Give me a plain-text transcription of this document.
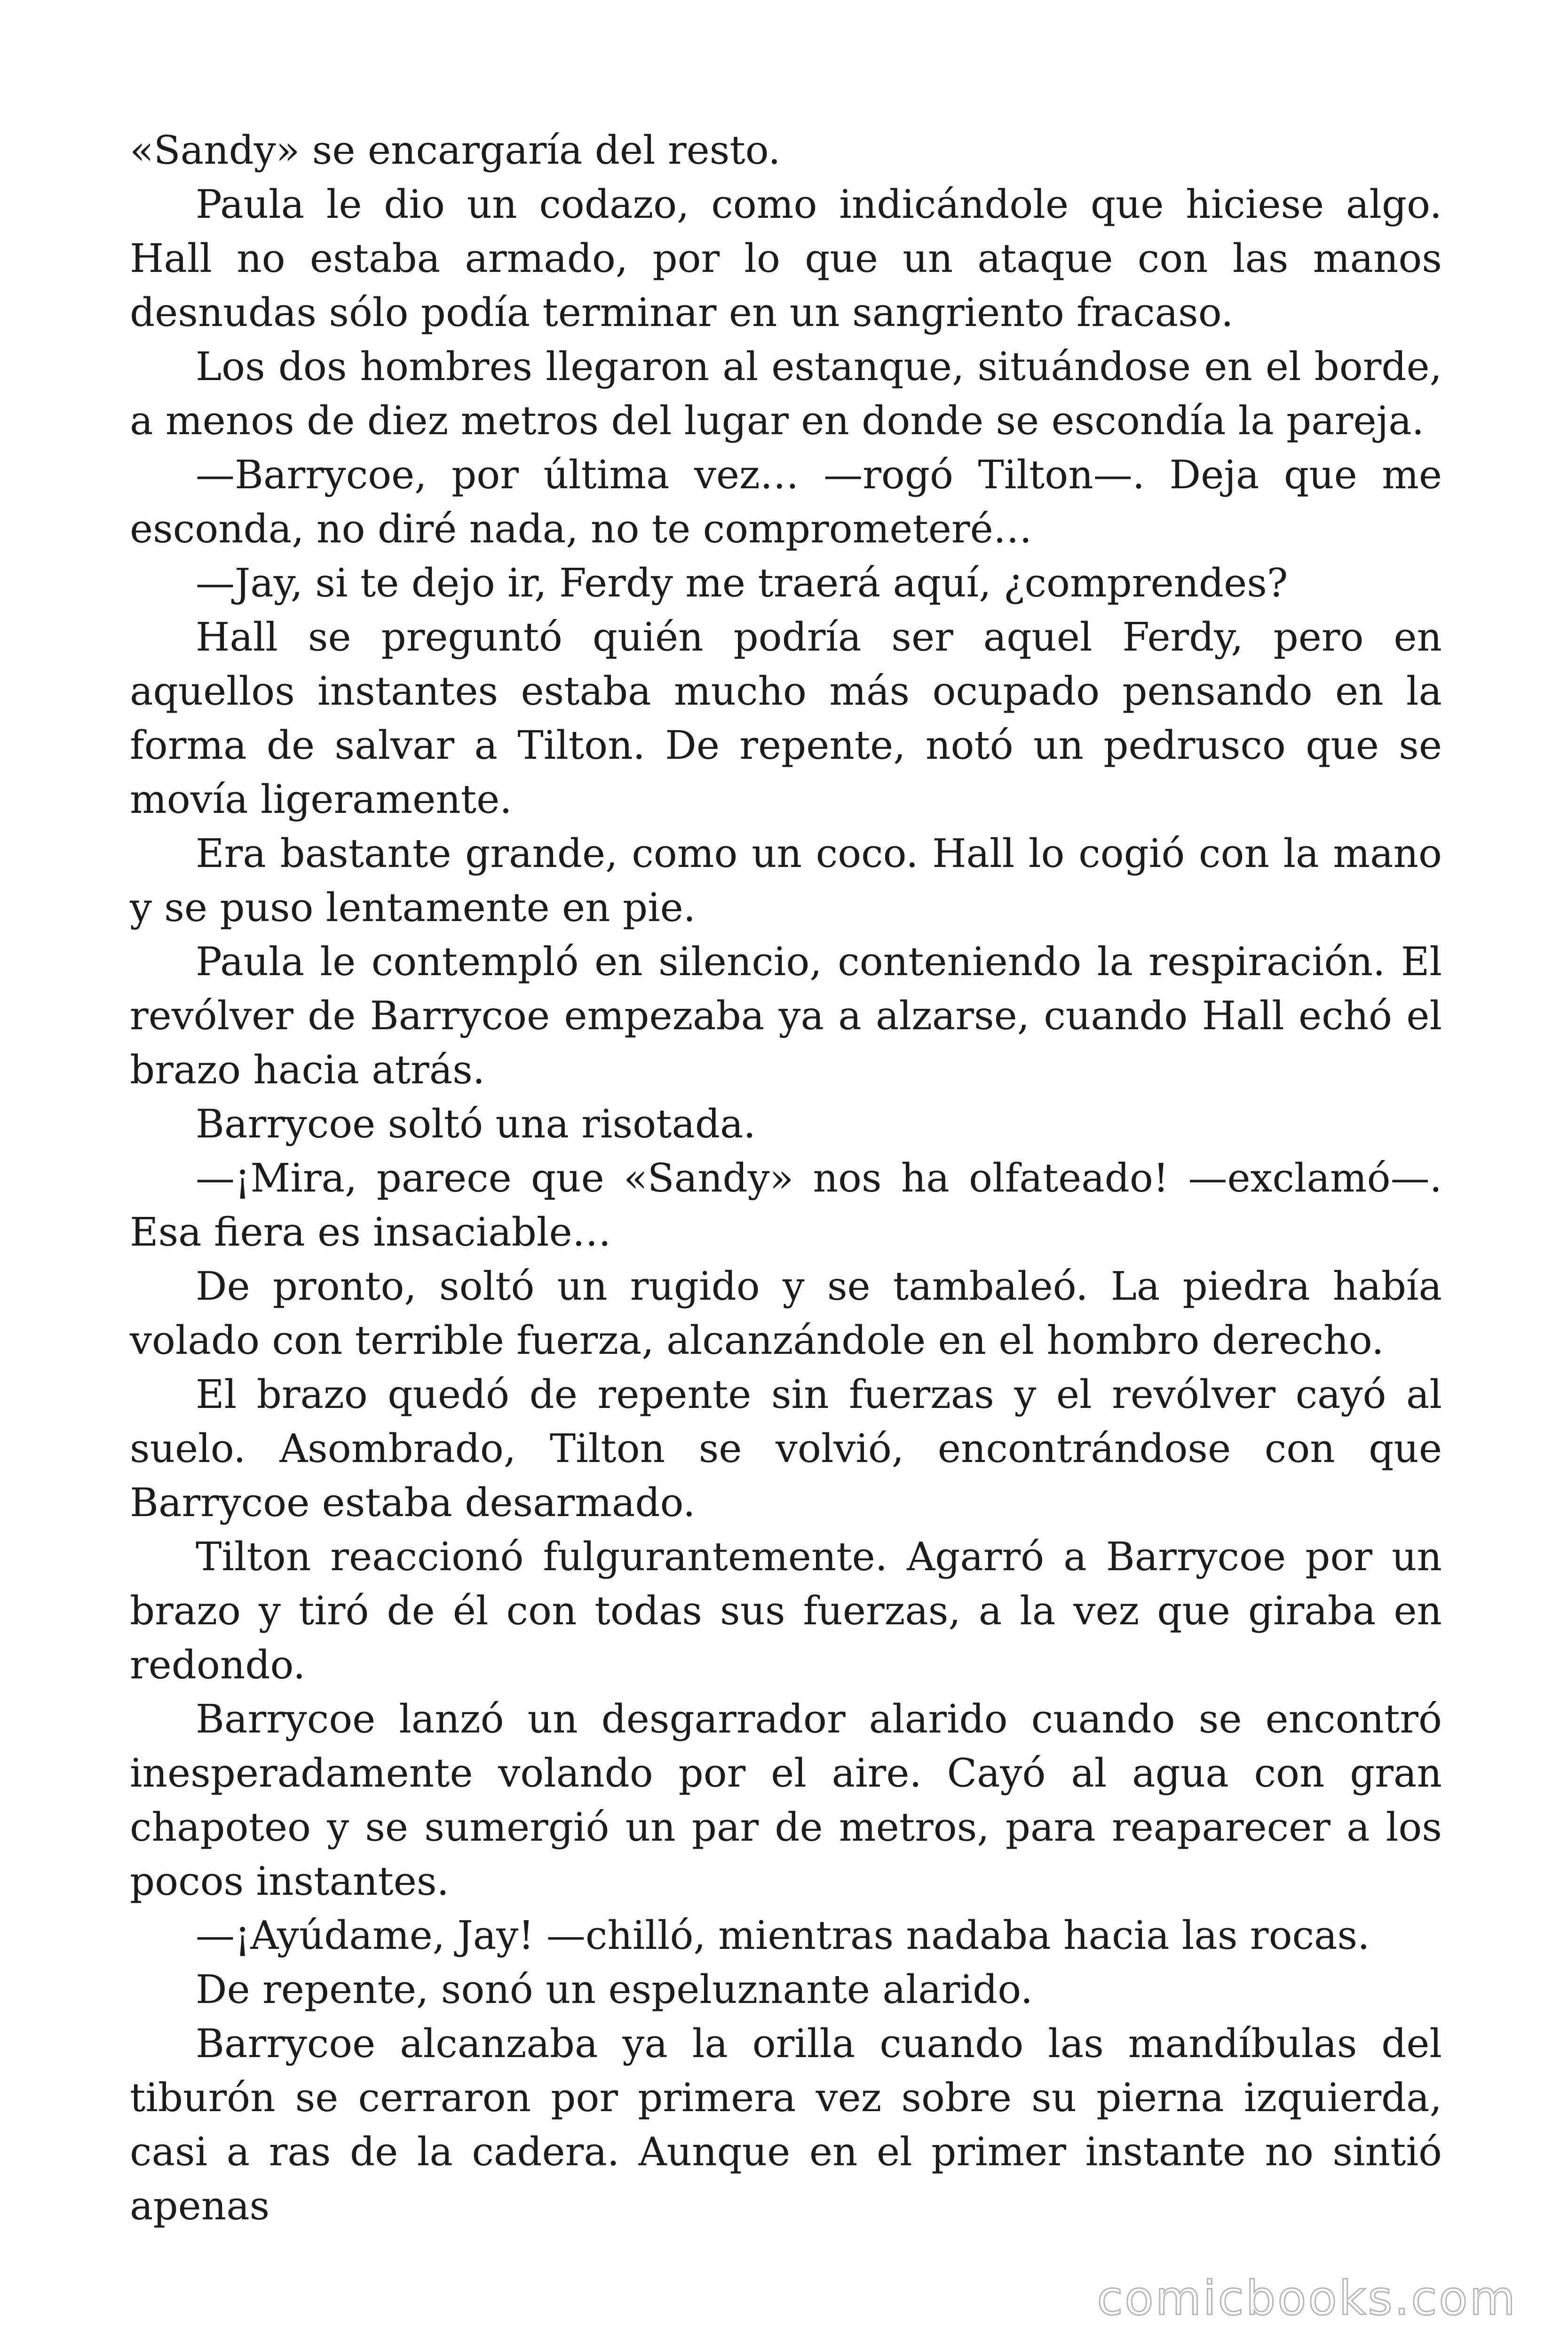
«Sandy» se encargaría del resto.

Paula le dio un codazo, como indicándole que hiciese algo. Hall no estaba armado, por lo que un ataque con las manos desnudas sólo podía terminar en un sangriento fracaso.

Los dos hombres llegaron al estanque, situándose en el borde, a menos de diez metros del lugar en donde se escondía la pareja.

—Barrycoe, por última vez… —rogó Tilton—. Deja que me esconda, no diré nada, no te comprometeré…

—Jay, si te dejo ir, Ferdy me traerá aquí, ¿comprendes?

Hall se preguntó quién podría ser aquel Ferdy, pero en aquellos instantes estaba mucho más ocupado pensando en la forma de salvar a Tilton. De repente, notó un pedrusco que se movía ligeramente.

Era bastante grande, como un coco. Hall lo cogió con la mano y se puso lentamente en pie.

Paula le contempló en silencio, conteniendo la respiración. El revólver de Barrycoe empezaba ya a alzarse, cuando Hall echó el brazo hacia atrás.

Barrycoe soltó una risotada.

—¡Mira, parece que «Sandy» nos ha olfateado! —exclamó—. Esa fiera es insaciable…

De pronto, soltó un rugido y se tambaleó. La piedra había volado con terrible fuerza, alcanzándole en el hombro derecho.

El brazo quedó de repente sin fuerzas y el revólver cayó al suelo. Asombrado, Tilton se volvió, encontrándose con que Barrycoe estaba desarmado.

Tilton reaccionó fulgurantemente. Agarró a Barrycoe por un brazo y tiró de él con todas sus fuerzas, a la vez que giraba en redondo.

Barrycoe lanzó un desgarrador alarido cuando se encontró inesperadamente volando por el aire. Cayó al agua con gran chapoteo y se sumergió un par de metros, para reaparecer a los pocos instantes.

—¡Ayúdame, Jay! —chilló, mientras nadaba hacia las rocas.

De repente, sonó un espeluznante alarido.

Barrycoe alcanzaba ya la orilla cuando las mandíbulas del tiburón se cerraron por primera vez sobre su pierna izquierda, casi a ras de la cadera. Aunque en el primer instante no sintió apenas

comicbooks.com
